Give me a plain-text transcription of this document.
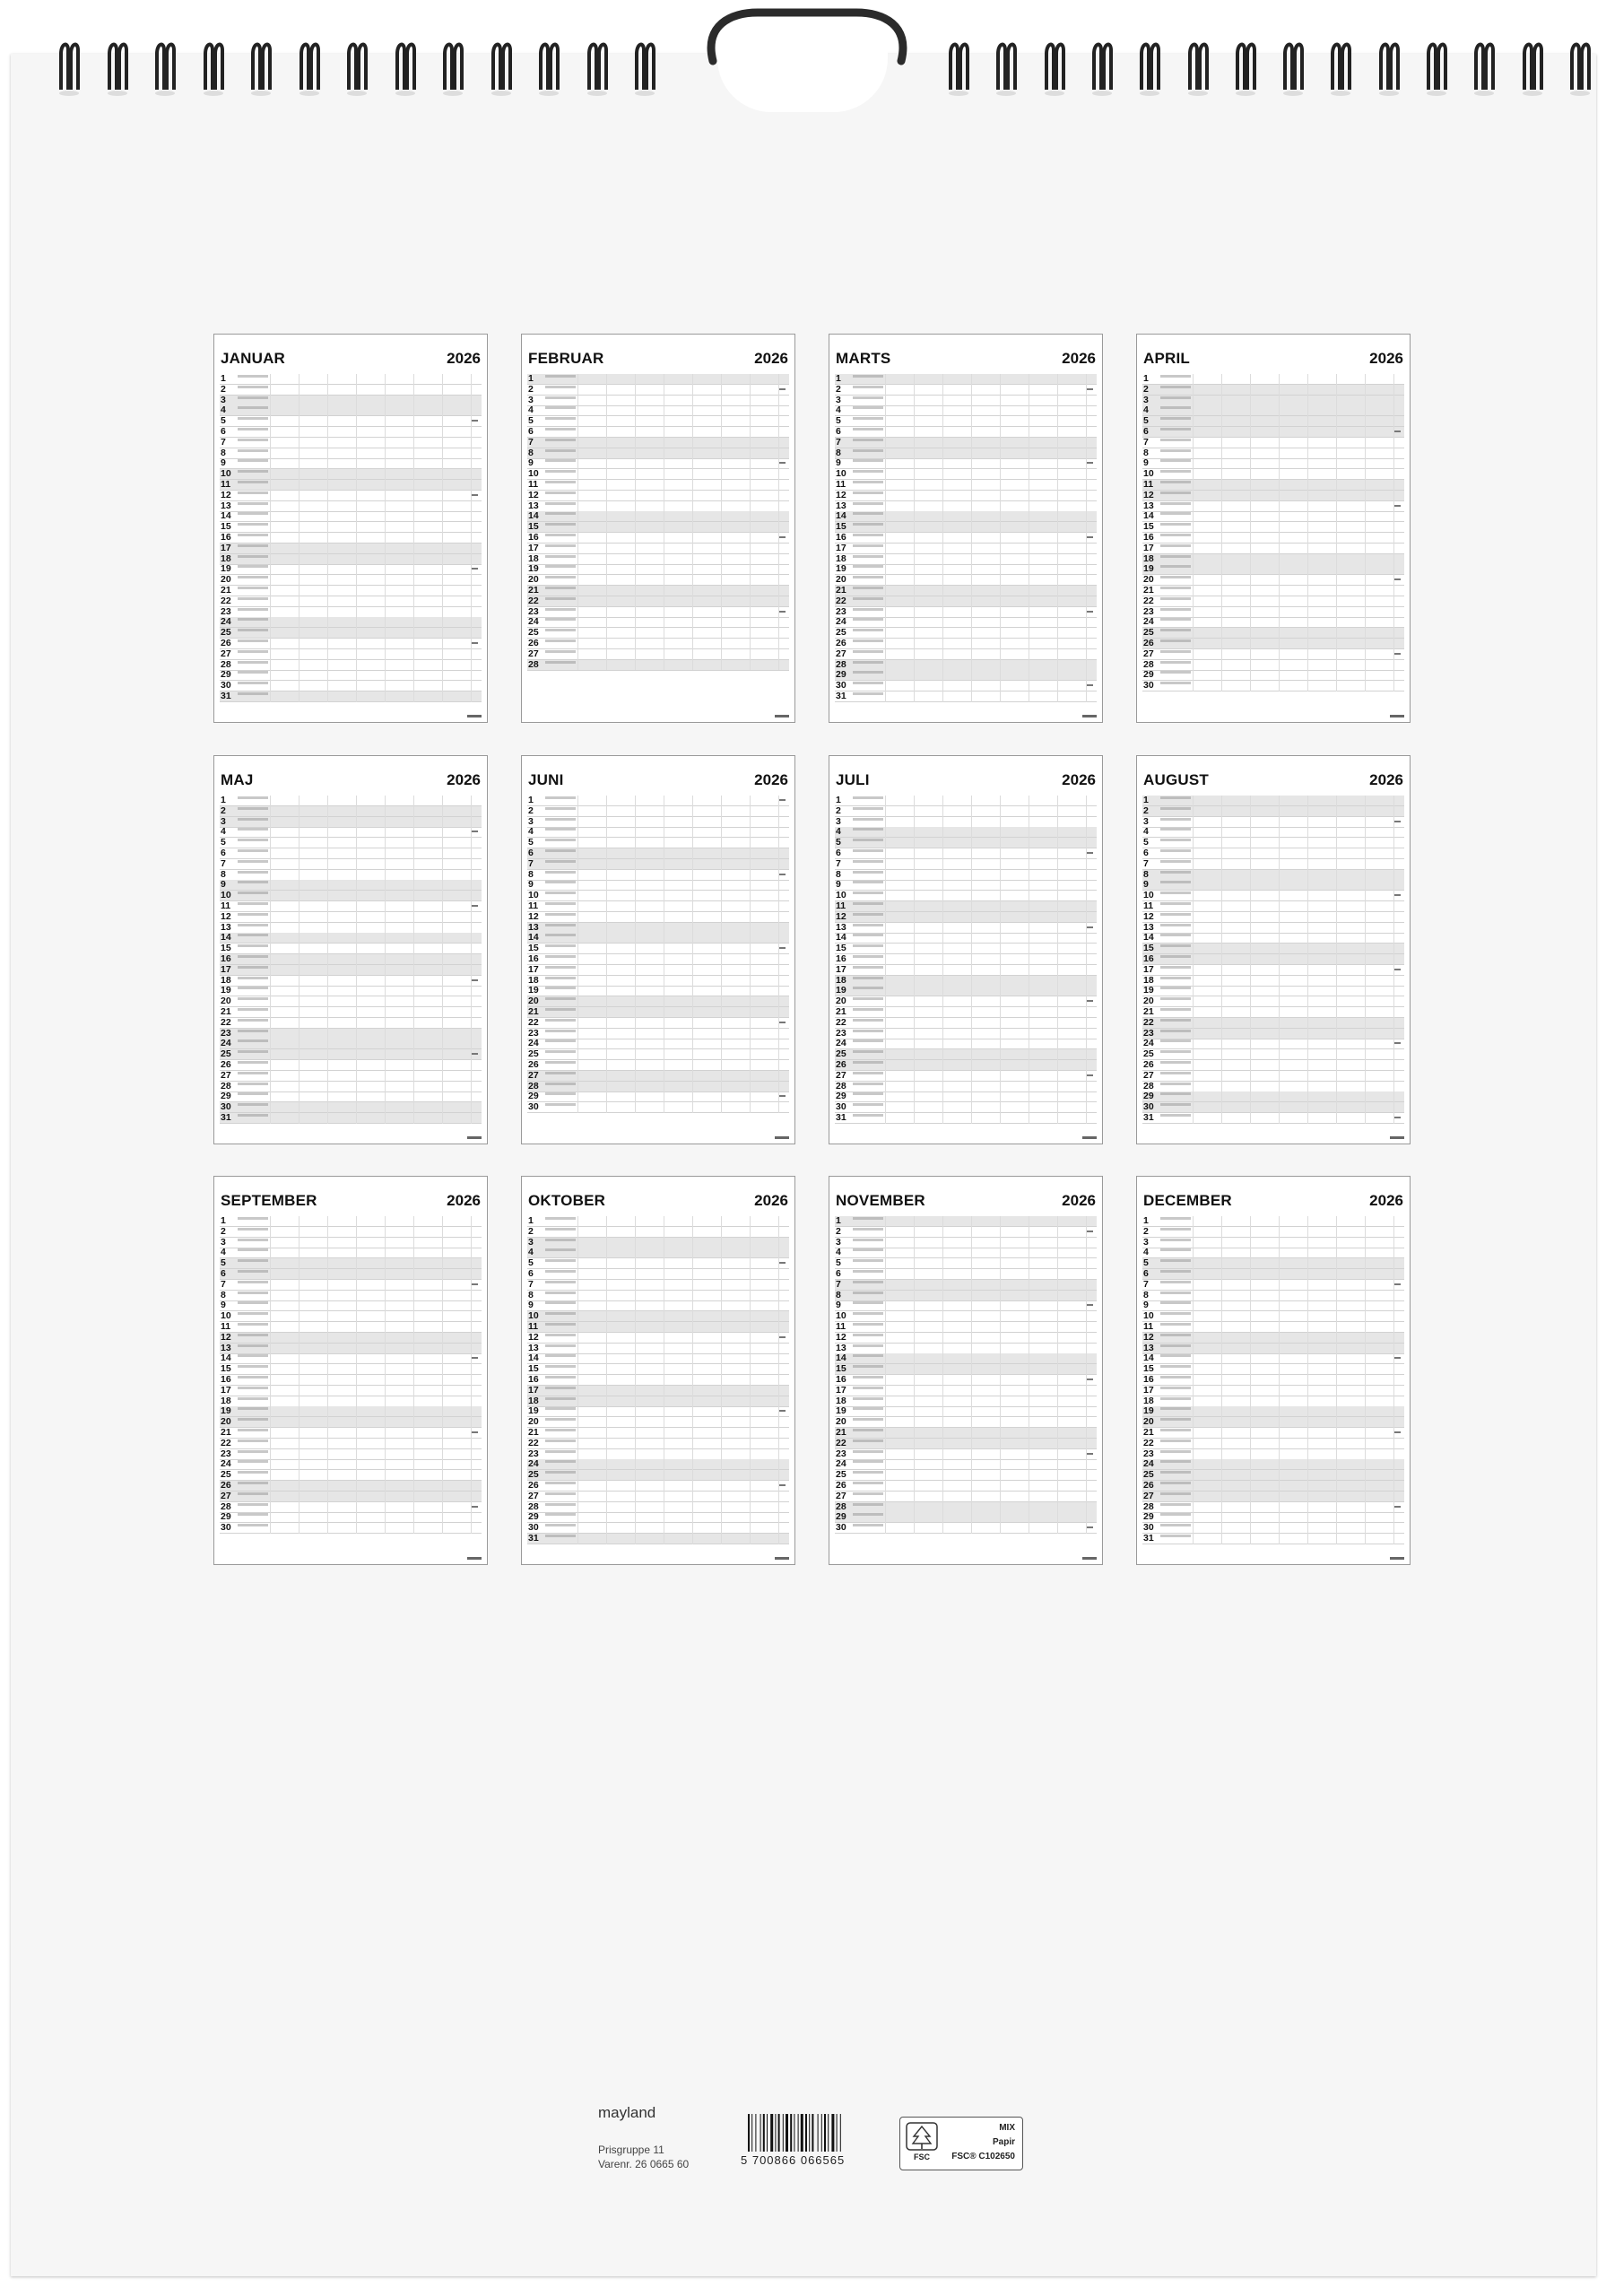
JANUAR	2026
1
2
3
4
5
6
7
8
9
10
11
12
13
14
15
16
17
18
19
20
21
22
23
24
25
26
27
28
29
30
31
FEBRUAR	2026
1
2
3
4
5
6
7
8
9
10
11
12
13
14
15
16
17
18
19
20
21
22
23
24
25
26
27
28
MARTS	2026
1
2
3
4
5
6
7
8
9
10
11
12
13
14
15
16
17
18
19
20
21
22
23
24
25
26
27
28
29
30
31
APRIL	2026
1
2
3
4
5
6
7
8
9
10
11
12
13
14
15
16
17
18
19
20
21
22
23
24
25
26
27
28
29
30
MAJ	2026
1
2
3
4
5
6
7
8
9
10
11
12
13
14
15
16
17
18
19
20
21
22
23
24
25
26
27
28
29
30
31
JUNI	2026
1
2
3
4
5
6
7
8
9
10
11
12
13
14
15
16
17
18
19
20
21
22
23
24
25
26
27
28
29
30
JULI	2026
1
2
3
4
5
6
7
8
9
10
11
12
13
14
15
16
17
18
19
20
21
22
23
24
25
26
27
28
29
30
31
AUGUST	2026
1
2
3
4
5
6
7
8
9
10
11
12
13
14
15
16
17
18
19
20
21
22
23
24
25
26
27
28
29
30
31
SEPTEMBER	2026
1
2
3
4
5
6
7
8
9
10
11
12
13
14
15
16
17
18
19
20
21
22
23
24
25
26
27
28
29
30
OKTOBER	2026
1
2
3
4
5
6
7
8
9
10
11
12
13
14
15
16
17
18
19
20
21
22
23
24
25
26
27
28
29
30
31
NOVEMBER	2026
1
2
3
4
5
6
7
8
9
10
11
12
13
14
15
16
17
18
19
20
21
22
23
24
25
26
27
28
29
30
DECEMBER	2026
1
2
3
4
5
6
7
8
9
10
11
12
13
14
15
16
17
18
19
20
21
22
23
24
25
26
27
28
29
30
31
mayland
Prisgruppe 11
Varenr. 26 0665 60	5 700866 066565	FSC
MIX
Papir
FSC® C102650
